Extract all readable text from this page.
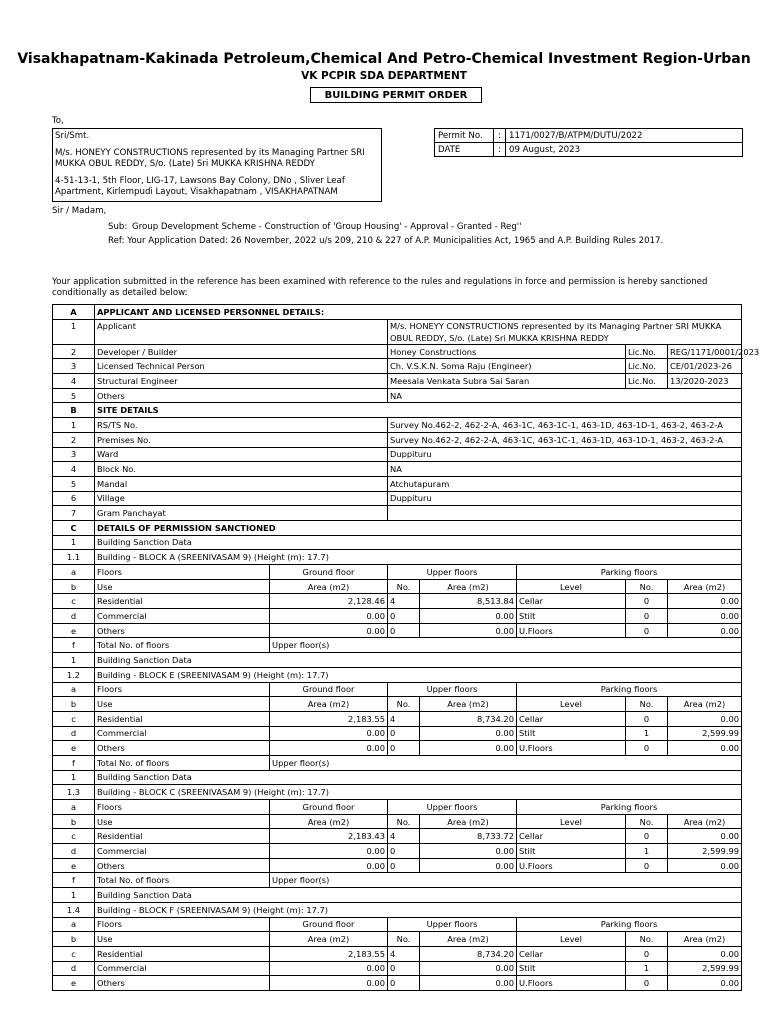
Visakhapatnam-Kakinada Petroleum,Chemical And Petro-Chemical Investment Region-Urban
VK PCPIR SDA DEPARTMENT
BUILDING PERMIT ORDER
To,

Sri/Smt.

M/s. HONEYY CONSTRUCTIONS represented by its Managing Partner SRI MUKKA OBUL REDDY, S/o. (Late) Sri MUKKA KRISHNA REDDY

4-51-13-1, 5th Floor, LIG-17, Lawsons Bay Colony, DNo , Sliver Leaf Apartment, Kirlempudi Layout, Visakhapatnam , VISAKHAPATNAM

Permit No.	:	1171/0027/B/ATPM/DUTU/2022
DATE	:	09 August, 2023
Sir / Madam,
Sub: Group Development Scheme - Construction of 'Group Housing' - Approval - Granted - Reg''
Ref: Your Application Dated: 26 November, 2022 u/s 209, 210 & 227 of A.P. Municipalities Act, 1965 and A.P. Building Rules 2017.
Your application submitted in the reference has been examined with reference to the rules and regulations in force and permission is hereby sanctioned conditionally as detailed below:
A	APPLICANT AND LICENSED PERSONNEL DETAILS:						
1	Applicant		M/s. HONEYY CONSTRUCTIONS represented by its Managing Partner SRI MUKKA OBUL REDDY, S/o. (Late) Sri MUKKA KRISHNA REDDY				
2	Developer / Builder		Honey Constructions			Lic.No.	REG/1171/0001/2023
3	Licensed Technical Person		Ch. V.S.K.N. Soma Raju (Engineer)			Lic.No.	CE/01/2023-26
4	Structural Engineer		Meesala Venkata Subra Sai Saran			Lic.No.	13/2020-2023
5	Others		NA				
B	SITE DETAILS						
1	RS/TS No.		Survey No.462-2, 462-2-A, 463-1C, 463-1C-1, 463-1D, 463-1D-1, 463-2, 463-2-A				
2	Premises No.		Survey No.462-2, 462-2-A, 463-1C, 463-1C-1, 463-1D, 463-1D-1, 463-2, 463-2-A				
3	Ward		Duppituru				
4	Block No.		NA				
5	Mandal		Atchutapuram				
6	Village		Duppituru				
7	Gram Panchayat						
C	DETAILS OF PERMISSION SANCTIONED						
1	Building Sanction Data						
1.1	Building - BLOCK A (SREENIVASAM 9) (Height (m): 17.7)						
a	Floors	Ground floor	Upper floors		Parking floors		
b	Use	Area (m2)	No.	Area (m2)	Level	No.	Area (m2)
c	Residential	2,128.46	4	8,513.84	Cellar	0	0.00
d	Commercial	0.00	0	0.00	Stilt	0	0.00
e	Others	0.00	0	0.00	U.Floors	0	0.00
f	Total No. of floors	Upper floor(s)					
1	Building Sanction Data						
1.2	Building - BLOCK E (SREENIVASAM 9) (Height (m): 17.7)						
a	Floors	Ground floor	Upper floors		Parking floors		
b	Use	Area (m2)	No.	Area (m2)	Level	No.	Area (m2)
c	Residential	2,183.55	4	8,734.20	Cellar	0	0.00
d	Commercial	0.00	0	0.00	Stilt	1	2,599.99
e	Others	0.00	0	0.00	U.Floors	0	0.00
f	Total No. of floors	Upper floor(s)					
1	Building Sanction Data						
1.3	Building - BLOCK C (SREENIVASAM 9) (Height (m): 17.7)						
a	Floors	Ground floor	Upper floors		Parking floors		
b	Use	Area (m2)	No.	Area (m2)	Level	No.	Area (m2)
c	Residential	2,183.43	4	8,733.72	Cellar	0	0.00
d	Commercial	0.00	0	0.00	Stilt	1	2,599.99
e	Others	0.00	0	0.00	U.Floors	0	0.00
f	Total No. of floors	Upper floor(s)					
1	Building Sanction Data						
1.4	Building - BLOCK F (SREENIVASAM 9) (Height (m): 17.7)						
a	Floors	Ground floor	Upper floors		Parking floors		
b	Use	Area (m2)	No.	Area (m2)	Level	No.	Area (m2)
c	Residential	2,183.55	4	8,734.20	Cellar	0	0.00
d	Commercial	0.00	0	0.00	Stilt	1	2,599.99
e	Others	0.00	0	0.00	U.Floors	0	0.00
